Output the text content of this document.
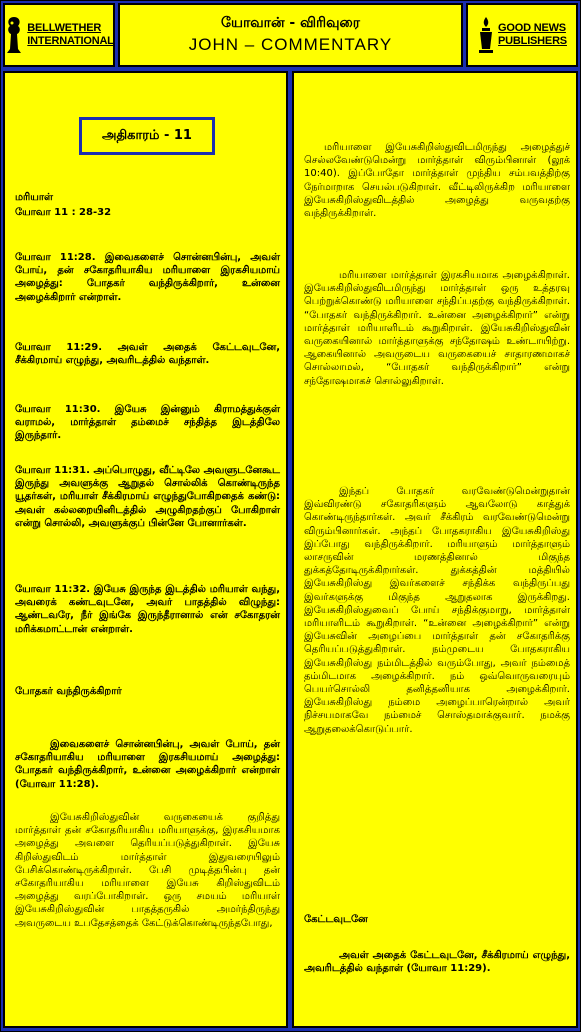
BELLWETHER
INTERNATIONAL
யோவான் - விரிவுரை
JOHN – COMMENTARY
GOOD NEWS
PUBLISHERS
அதிகாரம் - 11
மரியாள்
யோவா 11 : 28-32
யோவா 11:28. இவைகளைச் சொன்னபின்பு, அவள் போய், தன் சகோதரியாகிய மரியாளை இரகசியமாய் அழைத்து: போதகர் வந்திருக்கிறார், உன்னை அழைக்கிறார் என்றாள்.
யோவா 11:29. அவள் அதைக் கேட்டவுடனே, சீக்கிரமாய் எழுந்து, அவரிடத்தில் வந்தாள்.
யோவா 11:30. இயேசு இன்னும் கிராமத்துக்குள் வராமல், மார்த்தாள் தம்மைச் சந்தித்த இடத்திலே இருந்தார்.
யோவா 11:31. அப்பொழுது, வீட்டிலே அவளுடனேகூட இருந்து அவளுக்கு ஆறுதல் சொல்லிக் கொண்டிருந்த யூதர்கள், மரியாள் சீக்கிரமாய் எழுந்துபோகிறதைக் கண்டு: அவள் கல்லறையினிடத்தில் அழுகிறதற்குப் போகிறாள் என்று சொல்லி, அவளுக்குப் பின்னே போனார்கள்.
யோவா 11:32. இயேசு இருந்த இடத்தில் மரியாள் வந்து, அவரைக் கண்டவுடனே, அவர் பாதத்தில் விழுந்து: ஆண்டவரே, நீர் இங்கே இருந்தீரானால் என் சகோதரன் மரிக்கமாட்டான் என்றாள்.
போதகர் வந்திருக்கிறார்
இவைகளைச் சொன்னபின்பு, அவள் போய், தன் சகோதரியாகிய மரியாளை இரகசியமாய் அழைத்து: போதகர் வந்திருக்கிறார், உன்னை அழைக்கிறார் என்றாள் (யோவா 11:28).
இயேசுகிறிஸ்துவின் வருகையைக் குறித்து மார்த்தாள் தன் சகோதரியாகிய மரியாளுக்கு, இரகசியமாக அழைத்து அவளை தெரியப்படுத்துகிறாள். இயேசு கிறிஸ்துவிடம் மார்த்தாள் இதுவரையிலும் பேசிக்கொண்டிருக்கிறாள். பேசி முடித்தபின்பு தன் சகோதரியாகிய மரியாளை இயேசு கிறிஸ்துவிடம் அழைத்து வரப்போகிறாள். ஒரு சமயம் மரியாள் இயேசுகிறிஸ்துவின் பாதத்தருகில் அமர்ந்திருந்து அவருடைய உபதேசத்தைக் கேட்டுக்கொண்டிருந்தபோது,
மரியாளை இயேசுகிறிஸ்துவிடமிருந்து அழைத்துச் செல்லவேண்டுமென்று மார்த்தாள் விரும்பினாள் (லூக் 10:40). இப்போதோ மார்த்தாள் முந்திய சம்பவத்திற்கு நேர்மாறாக செயல்படுகிறாள். வீட்டிலிருக்கிற மரியாளை இயேசுகிறிஸ்துவிடத்தில் அழைத்து வருவதற்கு வந்திருக்கிறாள்.
மரியாளை மார்த்தாள் இரகசியமாக அழைக்கிறாள். இயேசுகிறிஸ்துவிடமிருந்து மார்த்தாள் ஒரு உத்தரவு பெற்றுக்கொண்டு மரியாளை சந்திப்பதற்கு வந்திருக்கிறாள். “போதகர் வந்திருக்கிறார். உன்னை அழைக்கிறார்” என்று மார்த்தாள் மரியாளிடம் கூறுகிறாள். இயேசுகிறிஸ்துவின் வருகையினால் மார்த்தாளுக்கு சந்தோஷம் உண்டாயிற்று. ஆகையினால் அவருடைய வருகையைச் சாதாரணமாகச் சொல்லாமல், “போதகர் வந்திருக்கிறார்” என்று சந்தோஷமாகச் சொல்லுகிறாள்.
இந்தப் போதகர் வரவேண்டுமென்றுதான் இவ்விரண்டு சகோதரிகளும் ஆவலோடு காத்துக் கொண்டிருந்தார்கள். அவர் சீக்கிரம் வரவேண்டுமென்று விரும்பினார்கள். அந்தப் போதகராகிய இயேசுகிறிஸ்து இப்போது வந்திருக்கிறார். மரியாளும் மார்த்தாளும் லாசருவின் மரணத்தினால் மிகுந்த துக்கத்தோடிருக்கிறார்கள். துக்கத்தின் மத்தியில் இயேசுகிறிஸ்து இவர்களைச் சந்திக்க வந்திருப்பது இவர்களுக்கு மிகுந்த ஆறுதலாக இருக்கிறது. இயேசுகிறிஸ்துவைப் போய் சந்திக்குமாறு, மார்த்தாள் மரியாளிடம் கூறுகிறாள். “உன்னை அழைக்கிறார்” என்று இயேசுவின் அழைப்பை மார்த்தாள் தன் சகோதரிக்கு தெரியப்படுத்துகிறாள். நம்முடைய போதகராகிய இயேசுகிறிஸ்து நம்மிடத்தில் வரும்போது, அவர் நம்மைத் தம்மிடமாக அழைக்கிறார். நம் ஒவ்வொருவரையும் பெயர்சொல்லி தனித்தனியாக அழைக்கிறார். இயேசுகிறிஸ்து நம்மை அழைப்பாரென்றால் அவர் நிச்சயமாகவே நம்மைச் சொஸ்தமாக்குவார். நமக்கு ஆறுதலைக்கொடுப்பார்.
கேட்டவுடனே
அவள் அதைக் கேட்டவுடனே, சீக்கிரமாய் எழுந்து, அவரிடத்தில் வந்தாள் (யோவா 11:29).
